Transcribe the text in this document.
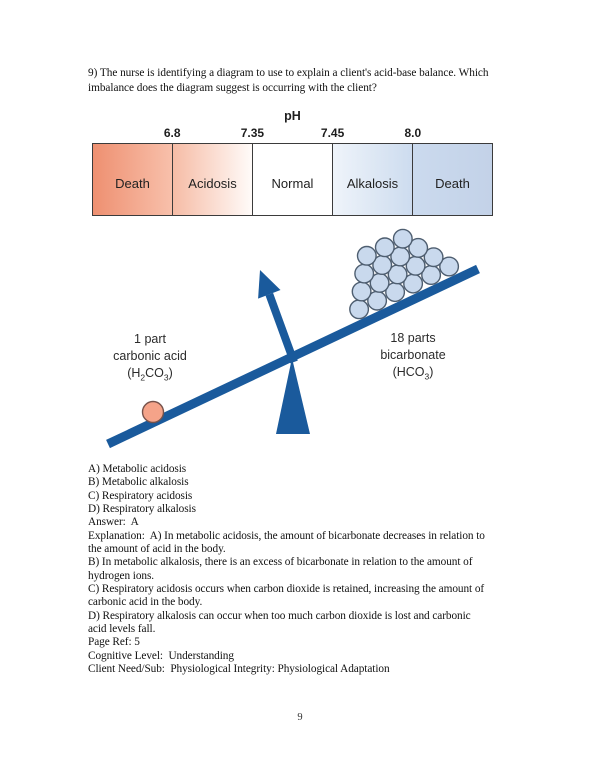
9) The nurse is identifying a diagram to use to explain a client's acid-base balance. Which
imbalance does the diagram suggest is occurring with the client?
pH
6.8	7.35	7.45	8.0
Death	Acidosis	Normal	Alkalosis	Death
1 part
carbonic acid
$(H_2CO_3)$
18 parts
bicarbonate
$(HCO_3)$
A) Metabolic acidosis
B) Metabolic alkalosis
C) Respiratory acidosis
D) Respiratory alkalosis
Answer:  A
Explanation:  A) In metabolic acidosis, the amount of bicarbonate decreases in relation to
the amount of acid in the body.
B) In metabolic alkalosis, there is an excess of bicarbonate in relation to the amount of
hydrogen ions.
C) Respiratory acidosis occurs when carbon dioxide is retained, increasing the amount of
carbonic acid in the body.
D) Respiratory alkalosis can occur when too much carbon dioxide is lost and carbonic
acid levels fall.
Page Ref: 5
Cognitive Level:  Understanding
Client Need/Sub:  Physiological Integrity: Physiological Adaptation
9
